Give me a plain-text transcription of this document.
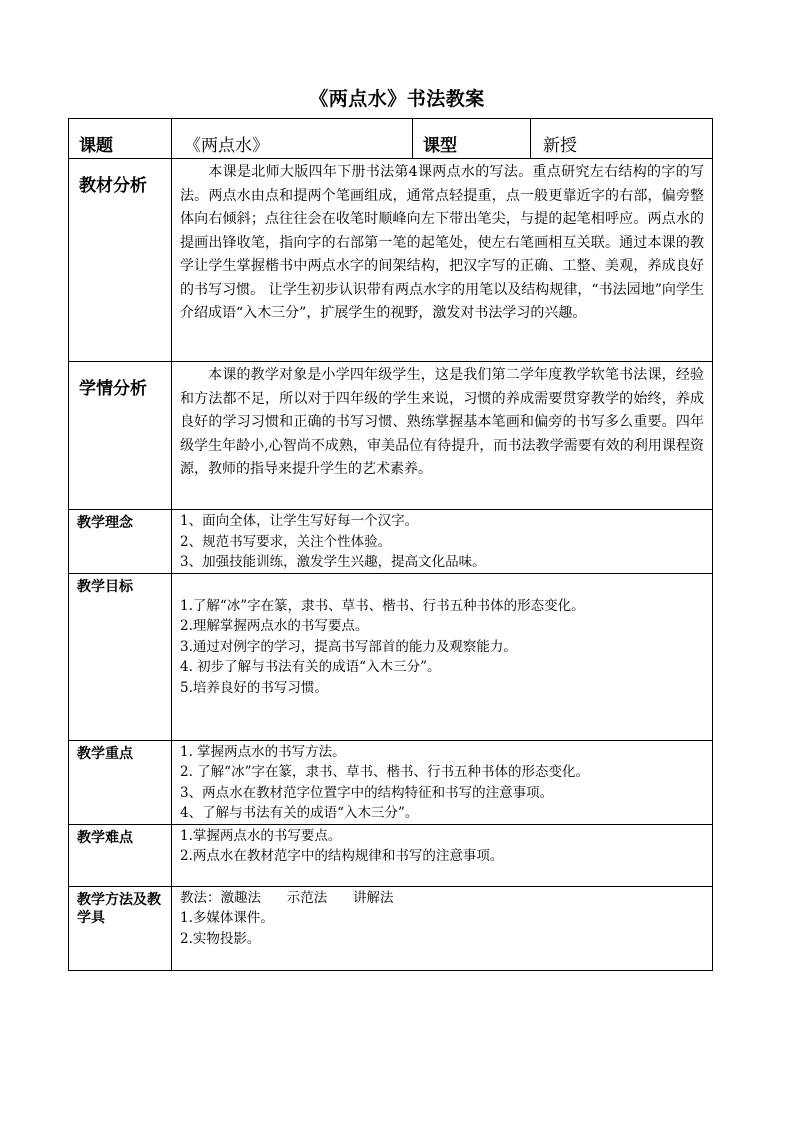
《两点水》书法教案
课题	《两点水》	课型	新授

教材分析	本课是北师大版四年下册书法第4课两点水的写法。重点研究左右结构的字的写法。两点水由点和提两个笔画组成，通常点轻提重，点一般更靠近字的右部，偏旁整体向右倾斜；点往往会在收笔时顺峰向左下带出笔尖，与提的起笔相呼应。两点水的提画出锋收笔，指向字的右部第一笔的起笔处，使左右笔画相互关联。通过本课的教学让学生掌握楷书中两点水字的间架结构，把汉字写的正确、工整、美观，养成良好的书写习惯。 让学生初步认识带有两点水字的用笔以及结构规律，“书法园地”向学生介绍成语“入木三分”，扩展学生的视野，激发对书法学习的兴趣。		

学情分析	本课的教学对象是小学四年级学生，这是我们第二学年度教学软笔书法课，经验和方法都不足，所以对于四年级的学生来说，习惯的养成需要贯穿教学的始终，养成良好的学习习惯和正确的书写习惯、熟练掌握基本笔画和偏旁的书写多么重要。四年级学生年龄小,心智尚不成熟，审美品位有待提升，而书法教学需要有效的利用课程资源，教师的指导来提升学生的艺术素养。		

教学理念	1、面向全体，让学生写好每一个汉字。
2、规范书写要求，关注个性体验。
3、加强技能训练，激发学生兴趣，提高文化品味。		

教学目标	1.了解“冰”字在篆，隶书、草书、楷书、行书五种书体的形态变化。
2.理解掌握两点水的书写要点。
3.通过对例字的学习，提高书写部首的能力及观察能力。
4. 初步了解与书法有关的成语“入木三分”。
5.培养良好的书写习惯。		

教学重点	1. 掌握两点水的书写方法。
2. 了解“冰”字在篆，隶书、草书、楷书、行书五种书体的形态变化。
3、两点水在教材范字位置字中的结构特征和书写的注意事项。
4、了解与书法有关的成语“入木三分”。		

教学难点	1.掌握两点水的书写要点。
2.两点水在教材范字中的结构规律和书写的注意事项。		

教学方法及教学具	教法：激趣法      示范法      讲解法
1.多媒体课件。
2.实物投影。		
